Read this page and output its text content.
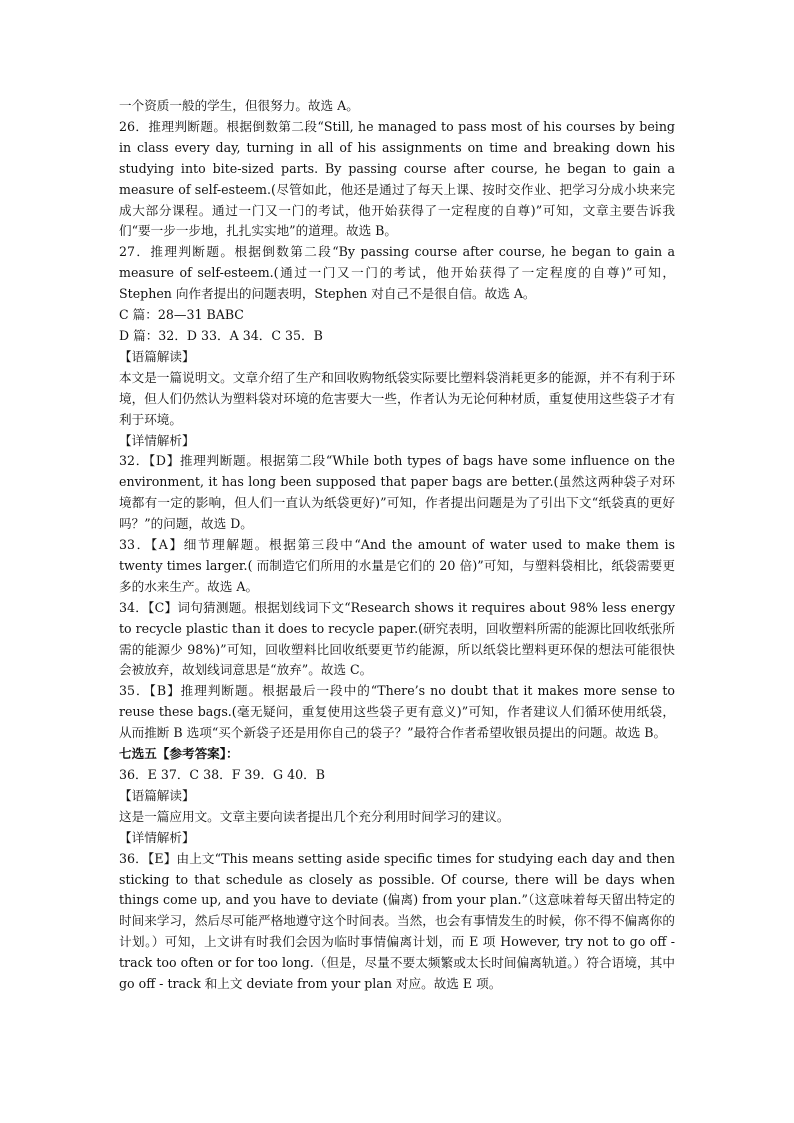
一个资质一般的学生，但很努力。故选 A。

26．推理判断题。根据倒数第二段“Still, he managed to pass most of his courses by being in class every day, turning in all of his assignments on time and breaking down his studying into bite-sized parts. By passing course after course, he began to gain a measure of self-esteem.(尽管如此，他还是通过了每天上课、按时交作业、把学习分成小块来完成大部分课程。通过一门又一门的考试，他开始获得了一定程度的自尊)”可知，文章主要告诉我们“要一步一步地，扎扎实实地”的道理。故选 B。

27．推理判断题。根据倒数第二段“By passing course after course, he began to gain a measure of self-esteem.(通过一门又一门的考试，他开始获得了一定程度的自尊)”可知，Stephen 向作者提出的问题表明，Stephen 对自己不是很自信。故选 A。

C 篇：28—31 BABC

D 篇：32．D 33．A 34．C 35．B

【语篇解读】

本文是一篇说明文。文章介绍了生产和回收购物纸袋实际要比塑料袋消耗更多的能源，并不有利于环境，但人们仍然认为塑料袋对环境的危害要大一些，作者认为无论何种材质，重复使用这些袋子才有利于环境。

【详情解析】

32．【D】推理判断题。根据第二段“While both types of bags have some influence on the environment, it has long been supposed that paper bags are better.(虽然这两种袋子对环境都有一定的影响，但人们一直认为纸袋更好)”可知，作者提出问题是为了引出下文“纸袋真的更好吗？”的问题，故选 D。

33．【A】细节理解题。根据第三段中“And the amount of water used to make them is twenty times larger.( 而制造它们所用的水量是它们的 20 倍)”可知，与塑料袋相比，纸袋需要更多的水来生产。故选 A。

34．【C】词句猜测题。根据划线词下文“Research shows it requires about 98% less energy to recycle plastic than it does to recycle paper.(研究表明，回收塑料所需的能源比回收纸张所需的能源少 98%)”可知，回收塑料比回收纸要更节约能源，所以纸袋比塑料更环保的想法可能很快会被放弃，故划线词意思是“放弃”。故选 C。

35．【B】推理判断题。根据最后一段中的“There’s no doubt that it makes more sense to reuse these bags.(毫无疑问，重复使用这些袋子更有意义)”可知，作者建议人们循环使用纸袋，从而推断 B 选项“买个新袋子还是用你自己的袋子？”最符合作者希望收银员提出的问题。故选 B。

七选五【参考答案】：

36．E 37．C 38．F 39．G 40．B

【语篇解读】

这是一篇应用文。文章主要向读者提出几个充分利用时间学习的建议。

【详情解析】

36．【E】由上文“This means setting aside specific times for studying each day and then sticking to that schedule as closely as possible. Of course, there will be days when things come up, and you have to deviate (偏离) from your plan.”（这意味着每天留出特定的时间来学习，然后尽可能严格地遵守这个时间表。当然，也会有事情发生的时候，你不得不偏离你的计划。）可知，上文讲有时我们会因为临时事情偏离计划，而 E 项 However, try not to go off - track too often or for too long.（但是，尽量不要太频繁或太长时间偏离轨道。）符合语境，其中 go off - track 和上文 deviate from your plan 对应。故选 E 项。
